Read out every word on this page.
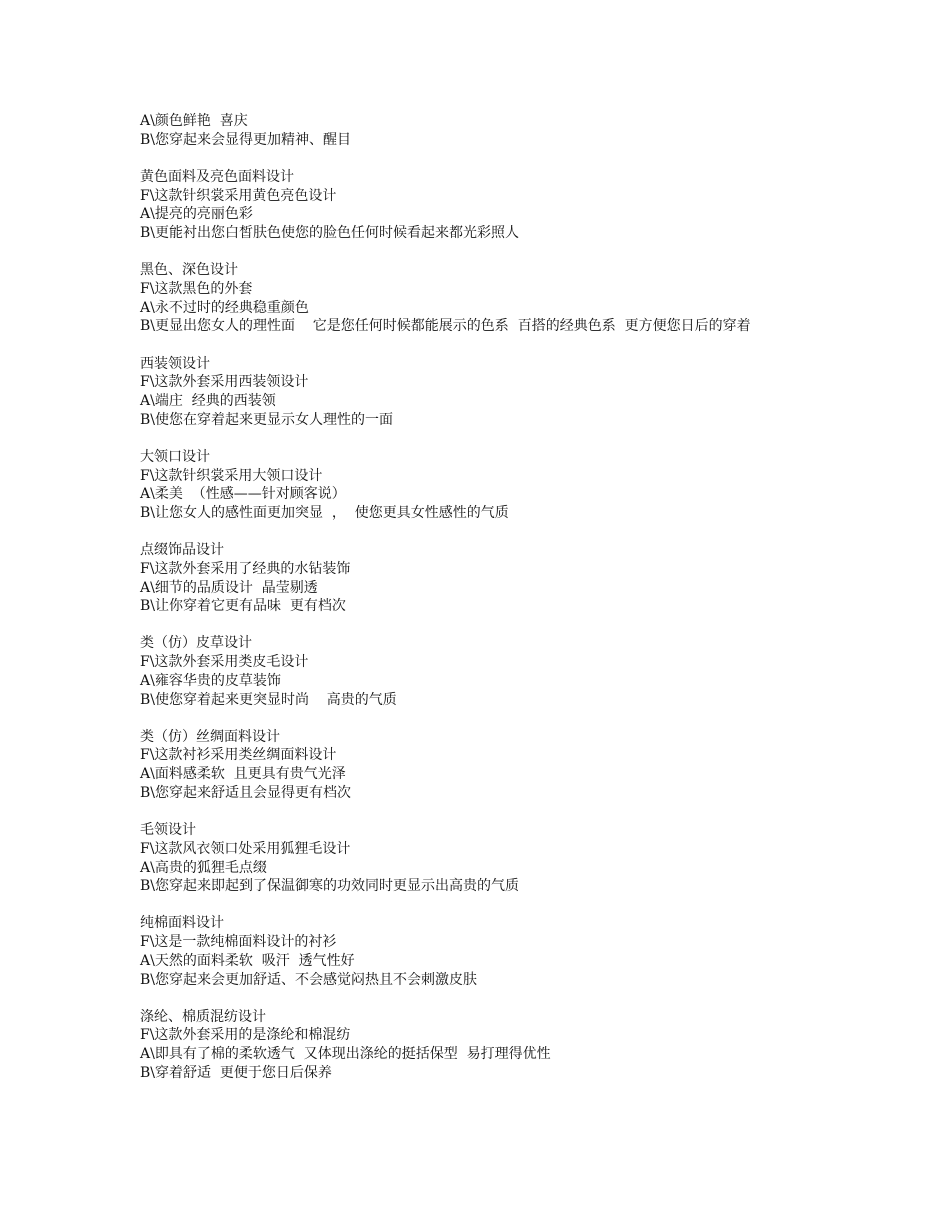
A\颜色鲜艳  喜庆
B\您穿起来会显得更加精神、醒目
黄色面料及亮色面料设计
F\这款针织裳采用黄色亮色设计
A\提亮的亮丽色彩
B\更能衬出您白皙肤色使您的脸色任何时候看起来都光彩照人
黑色、深色设计
F\这款黑色的外套
A\永不过时的经典稳重颜色
B\更显出您女人的理性面    它是您任何时候都能展示的色系  百搭的经典色系  更方便您日后的穿着
西装领设计
F\这款外套采用西装领设计
A\端庄  经典的西装领
B\使您在穿着起来更显示女人理性的一面
大领口设计
F\这款针织裳采用大领口设计
A\柔美  （性感——针对顾客说）
B\让您女人的感性面更加突显  ，  使您更具女性感性的气质
点缀饰品设计
F\这款外套采用了经典的水钻装饰
A\细节的品质设计  晶莹剔透
B\让你穿着它更有品味  更有档次
类（仿）皮草设计
F\这款外套采用类皮毛设计
A\雍容华贵的皮草装饰
B\使您穿着起来更突显时尚    高贵的气质
类（仿）丝绸面料设计
F\这款衬衫采用类丝绸面料设计
A\面料感柔软  且更具有贵气光泽
B\您穿起来舒适且会显得更有档次
毛领设计
F\这款风衣领口处采用狐狸毛设计
A\高贵的狐狸毛点缀
B\您穿起来即起到了保温御寒的功效同时更显示出高贵的气质
纯棉面料设计
F\这是一款纯棉面料设计的衬衫
A\天然的面料柔软  吸汗  透气性好
B\您穿起来会更加舒适、不会感觉闷热且不会刺激皮肤
涤纶、棉质混纺设计
F\这款外套采用的是涤纶和棉混纺
A\即具有了棉的柔软透气  又体现出涤纶的挺括保型  易打理得优性
B\穿着舒适  更便于您日后保养
